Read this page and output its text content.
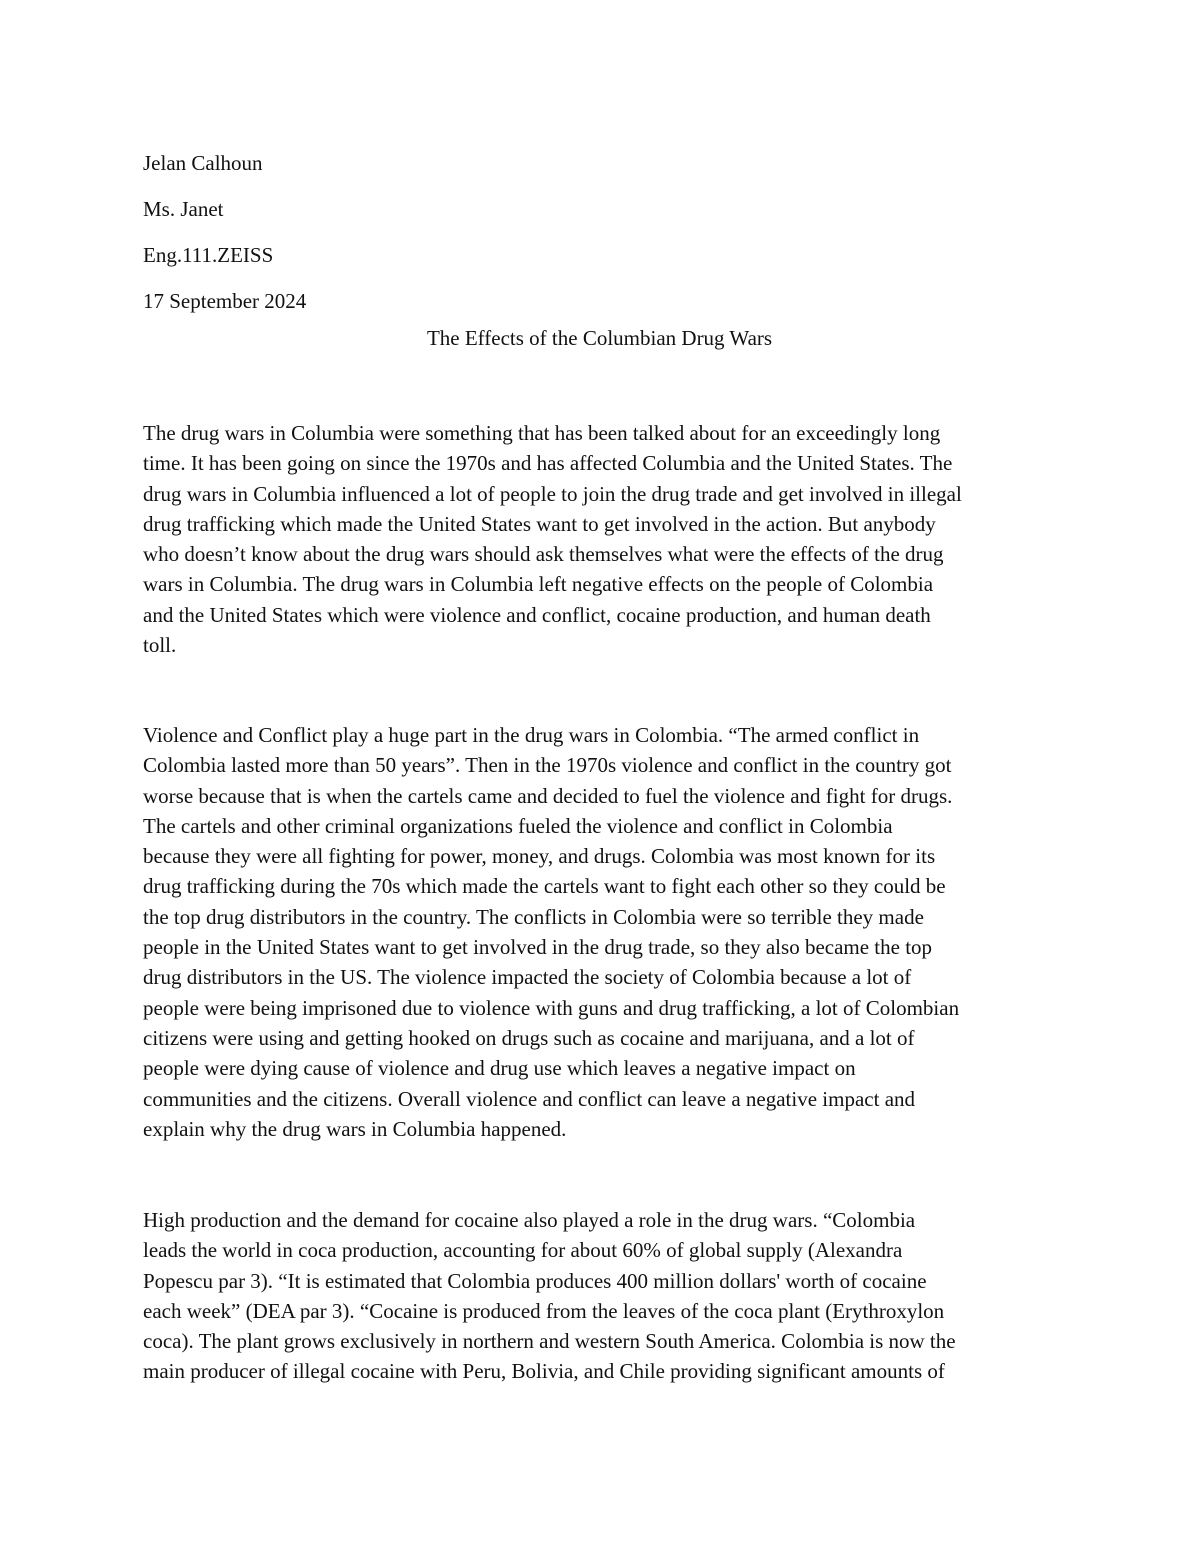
Jelan Calhoun
Ms. Janet
Eng.111.ZEISS
17 September 2024
The Effects of the Columbian Drug Wars
The drug wars in Columbia were something that has been talked about for an exceedingly long
time. It has been going on since the 1970s and has affected Columbia and the United States. The
drug wars in Columbia influenced a lot of people to join the drug trade and get involved in illegal
drug trafficking which made the United States want to get involved in the action. But anybody
who doesn’t know about the drug wars should ask themselves what were the effects of the drug
wars in Columbia. The drug wars in Columbia left negative effects on the people of Colombia
and the United States which were violence and conflict, cocaine production, and human death
toll.
Violence and Conflict play a huge part in the drug wars in Colombia. “The armed conflict in
Colombia lasted more than 50 years”. Then in the 1970s violence and conflict in the country got
worse because that is when the cartels came and decided to fuel the violence and fight for drugs.
The cartels and other criminal organizations fueled the violence and conflict in Colombia
because they were all fighting for power, money, and drugs. Colombia was most known for its
drug trafficking during the 70s which made the cartels want to fight each other so they could be
the top drug distributors in the country. The conflicts in Colombia were so terrible they made
people in the United States want to get involved in the drug trade, so they also became the top
drug distributors in the US. The violence impacted the society of Colombia because a lot of
people were being imprisoned due to violence with guns and drug trafficking, a lot of Colombian
citizens were using and getting hooked on drugs such as cocaine and marijuana, and a lot of
people were dying cause of violence and drug use which leaves a negative impact on
communities and the citizens. Overall violence and conflict can leave a negative impact and
explain why the drug wars in Columbia happened.
High production and the demand for cocaine also played a role in the drug wars. “Colombia
leads the world in coca production, accounting for about 60% of global supply (Alexandra
Popescu par 3). “It is estimated that Colombia produces 400 million dollars' worth of cocaine
each week” (DEA par 3). “Cocaine is produced from the leaves of the coca plant (Erythroxylon
coca). The plant grows exclusively in northern and western South America. Colombia is now the
main producer of illegal cocaine with Peru, Bolivia, and Chile providing significant amounts of
